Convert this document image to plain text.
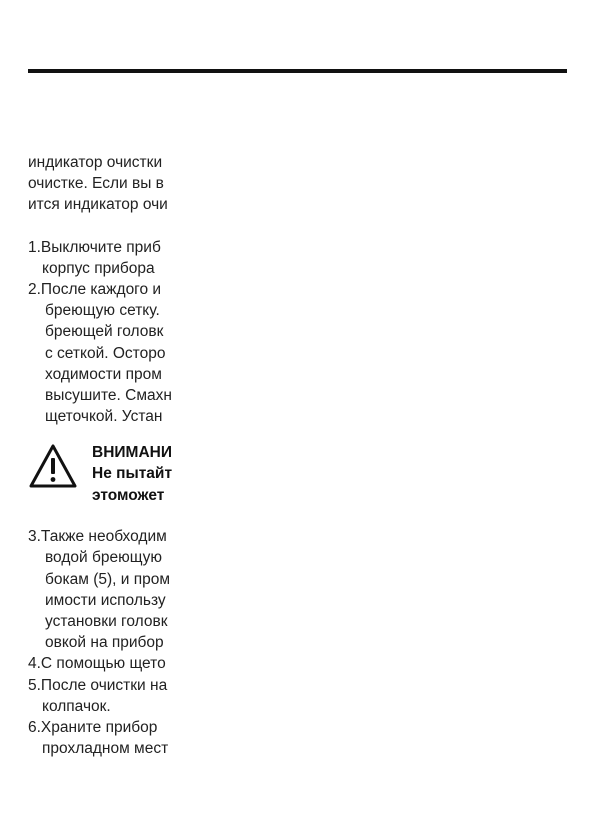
индикатор очистки
очистке. Если вы в
ится индикатор очи
1.Выключите приб
корпус прибора
2.После каждого и
бреющую сетку.
бреющей головк
с сеткой. Осторо
ходимости пром
высушите. Смахн
щеточкой. Устан
ВНИМАНИ
Не пытайт
этоможет
3.Также необходим
водой бреющую
бокам (5), и пром
имости использу
установки головк
овкой на прибор
4.С помощью щето
5.После очистки на
колпачок.
6.Храните прибор
прохладном мест
